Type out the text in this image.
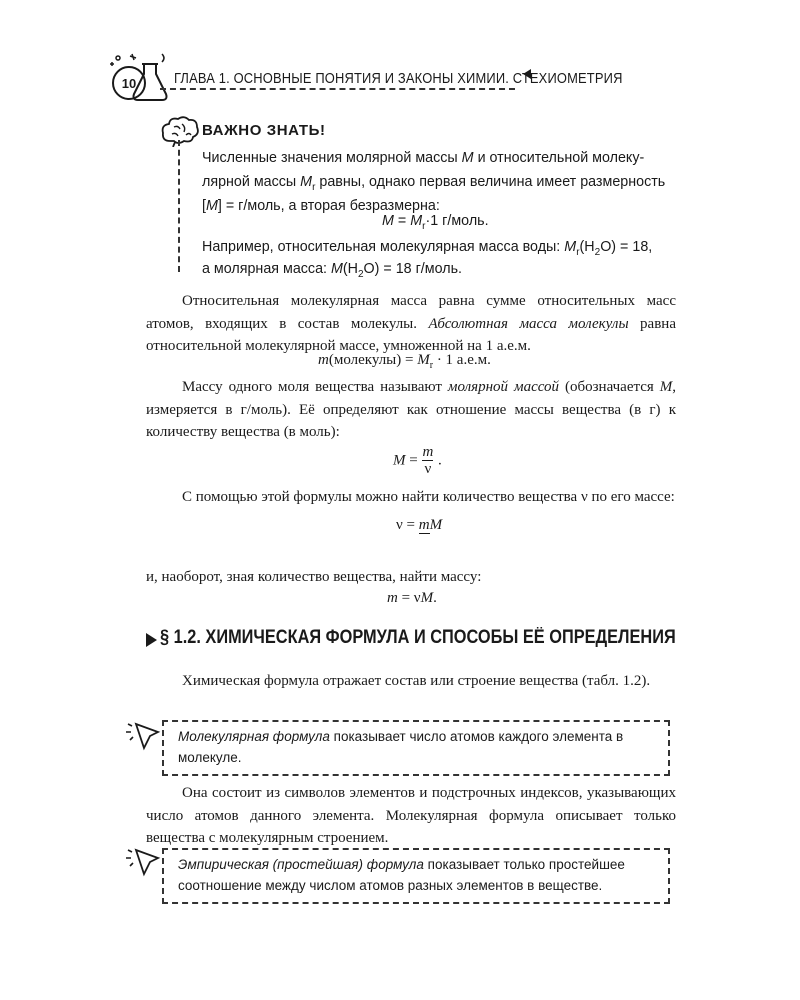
10	ГЛАВА 1. ОСНОВНЫЕ ПОНЯТИЯ И ЗАКОНЫ ХИМИИ. СТЕХИОМЕТРИЯ
ВАЖНО ЗНАТЬ!
Численные значения молярной массы M и относительной молеку-
лярной массы $M_r$ равны, однако первая величина имеет размерность
[M] = г/моль, а вторая безразмерна:
$M = M_r\cdot 1$ г/моль.
Например, относительная молекулярная масса воды: $M_r(H_2O) = 18$,
а молярная масса: $M(H_2O) = 18$ г/моль.
Относительная молекулярная масса равна сумме относительных масс атомов, входящих в состав молекулы. Абсолютная масса молекулы равна относительной молекулярной массе, умноженной на 1 а.е.м.
m(молекулы) = $M_r \cdot 1$ а.е.м.
Массу одного моля вещества называют молярной массой (обозначается M, измеряется в г/моль). Её определяют как отношение массы вещества (в г) к количеству вещества (в моль):
$M = \frac{m}{\nu}$ .
С помощью этой формулы можно найти количество вещества ν по его массе:
ν = mM
и, наоборот, зная количество вещества, найти массу:
m = νM.
§ 1.2. ХИМИЧЕСКАЯ ФОРМУЛА И СПОСОБЫ ЕЁ ОПРЕДЕЛЕНИЯ
Химическая формула отражает состав или строение вещества (табл. 1.2).
Молекулярная формула показывает число атомов каждого элемента в молекуле.
Она состоит из символов элементов и подстрочных индексов, указывающих число атомов данного элемента. Молекулярная формула описывает только вещества с молекулярным строением.
Эмпирическая (простейшая) формула показывает только простейшее соотношение между числом атомов разных элементов в веществе.
